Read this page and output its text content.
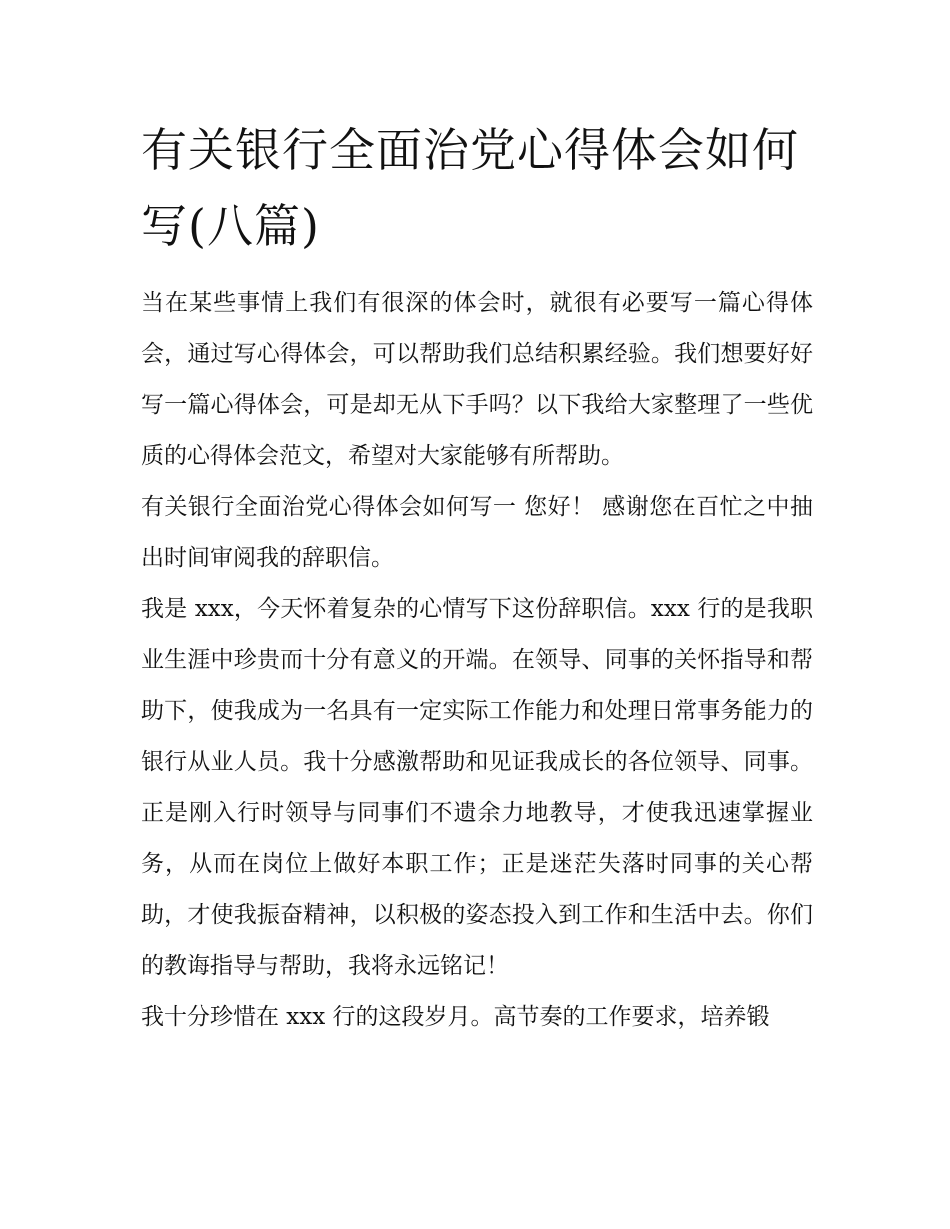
有关银行全面治党心得体会如何写(八篇)

当在某些事情上我们有很深的体会时，就很有必要写一篇心得体会，通过写心得体会，可以帮助我们总结积累经验。我们想要好好写一篇心得体会，可是却无从下手吗？以下我给大家整理了一些优质的心得体会范文，希望对大家能够有所帮助。

有关银行全面治党心得体会如何写一 您好！ 感谢您在百忙之中抽出时间审阅我的辞职信。

我是 xxx，今天怀着复杂的心情写下这份辞职信。xxx 行的是我职业生涯中珍贵而十分有意义的开端。在领导、同事的关怀指导和帮助下，使我成为一名具有一定实际工作能力和处理日常事务能力的银行从业人员。我十分感激帮助和见证我成长的各位领导、同事。正是刚入行时领导与同事们不遗余力地教导，才使我迅速掌握业务，从而在岗位上做好本职工作；正是迷茫失落时同事的关心帮助，才使我振奋精神，以积极的姿态投入到工作和生活中去。你们的教诲指导与帮助，我将永远铭记！

我十分珍惜在 xxx 行的这段岁月。高节奏的工作要求，培养锻
